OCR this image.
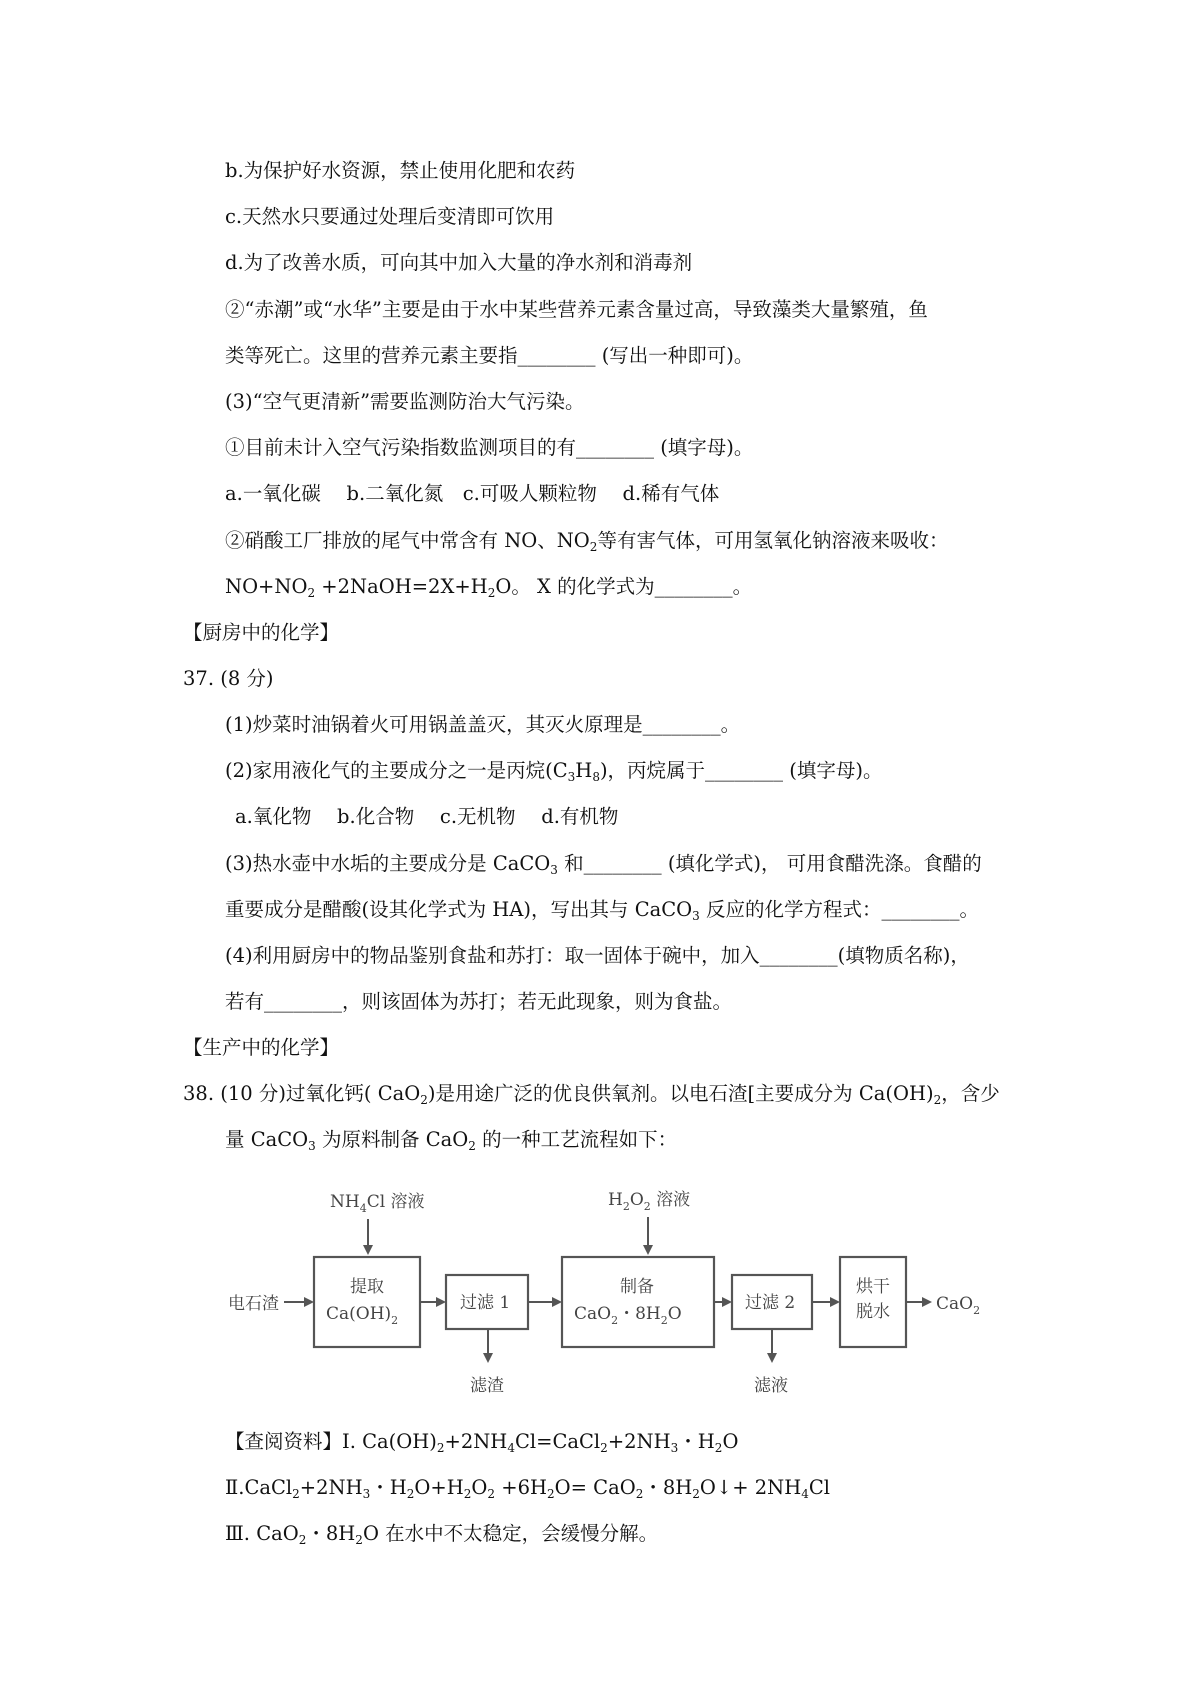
b.为保护好水资源，禁止使用化肥和农药
c.天然水只要通过处理后变清即可饮用
d.为了改善水质，可向其中加入大量的净水剂和消毒剂
②“赤潮”或“水华”主要是由于水中某些营养元素含量过高，导致藻类大量繁殖，鱼
类等死亡。这里的营养元素主要指________ (写出一种即可)。
(3)“空气更清新”需要监测防治大气污染。
①目前未计入空气污染指数监测项目的有________ (填字母)。
a.一氧化碳　 b.二氧化氮　c.可吸人颗粒物　 d.稀有气体
②硝酸工厂排放的尾气中常含有 NO、$NO_2$等有害气体，可用氢氧化钠溶液来吸收：
$NO+NO_2$ $+2NaOH=2X+H_2O$。 X 的化学式为________。
【厨房中的化学】
37. (8 分)
(1)炒菜时油锅着火可用锅盖盖灭，其灭火原理是________。
(2)家用液化气的主要成分之一是丙烷$(C_3H_8)$，丙烷属于________ (填字母)。
a.氧化物　 b.化合物　 c.无机物　 d.有机物
(3)热水壶中水垢的主要成分是 CaCO$_3$ 和________ (填化学式)， 可用食醋洗涤。食醋的
重要成分是醋酸(设其化学式为 HA)，写出其与 CaCO$_3$ 反应的化学方程式：________。
(4)利用厨房中的物品鉴别食盐和苏打：取一固体于碗中，加入________(填物质名称)，
若有________，则该固体为苏打；若无此现象，则为食盐。
【生产中的化学】
38. (10 分)过氧化钙( CaO$_2$)是用途广泛的优良供氧剂。以电石渣[主要成分为 $Ca(OH)_2$，含少
量 CaCO$_3$ 为原料制备 CaO$_2$ 的一种工艺流程如下：
$NH_4Cl$ 溶液	$H_2O_2$ 溶液
电石渣
提取
$Ca(OH)_2$
过滤 1
滤渣
制备
CaO$_2$・$8H_2O$
过滤 2
滤液
烘干
脱水	CaO$_2$
【查阅资料】I. $Ca(OH)_2+2NH_4Cl=CaCl_2+2NH_3$・$H_2O$
$Ⅱ.CaCl_2+2NH_3$・$H_2O+H_2O_2 +6H_2O= CaO_2$・$8H_2O↓+ 2NH_4Cl$
Ⅲ. CaO$_2$・$8H_2O$ 在水中不太稳定，会缓慢分解。
